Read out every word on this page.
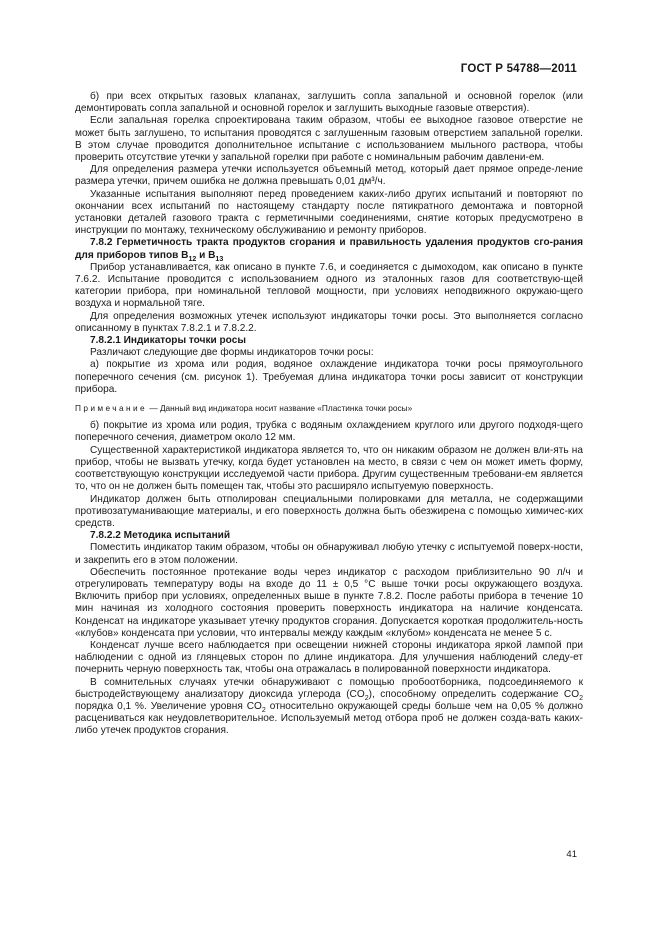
ГОСТ Р 54788—2011

б) при всех открытых газовых клапанах, заглушить сопла запальной и основной горелок (или демонтировать сопла запальной и основной горелок и заглушить выходные газовые отверстия).

Если запальная горелка спроектирована таким образом, чтобы ее выходное газовое отверстие не может быть заглушено, то испытания проводятся с заглушенным газовым отверстием запальной горелки. В этом случае проводится дополнительное испытание с использованием мыльного раствора, чтобы проверить отсутствие утечки у запальной горелки при работе с номинальным рабочим давлени-ем.

Для определения размера утечки используется объемный метод, который дает прямое опреде-ление размера утечки, причем ошибка не должна превышать 0,01 дм³/ч.

Указанные испытания выполняют перед проведением каких-либо других испытаний и повторяют по окончании всех испытаний по настоящему стандарту после пятикратного демонтажа и повторной установки деталей газового тракта с герметичными соединениями, снятие которых предусмотрено в инструкции по монтажу, техническому обслуживанию и ремонту приборов.

7.8.2 Герметичность тракта продуктов сгорания и правильность удаления продуктов сго-рания для приборов типов $B_{12}$ и $B_{13}$

Прибор устанавливается, как описано в пункте 7.6, и соединяется с дымоходом, как описано в пункте 7.6.2. Испытание проводится с использованием одного из эталонных газов для соответствую-щей категории прибора, при номинальной тепловой мощности, при условиях неподвижного окружаю-щего воздуха и нормальной тяге.

Для определения возможных утечек используют индикаторы точки росы. Это выполняется согласно описанному в пунктах 7.8.2.1 и 7.8.2.2.

7.8.2.1 Индикаторы точки росы

Различают следующие две формы индикаторов точки росы:

а) покрытие из хрома или родия, водяное охлаждение индикатора точки росы прямоугольного поперечного сечения (см. рисунок 1). Требуемая длина индикатора точки росы зависит от конструкции прибора.

Примечание — Данный вид индикатора носит название «Пластинка точки росы»

б) покрытие из хрома или родия, трубка с водяным охлаждением круглого или другого подходя-щего поперечного сечения, диаметром около 12 мм.

Существенной характеристикой индикатора является то, что он никаким образом не должен вли-ять на прибор, чтобы не вызвать утечку, когда будет установлен на место, в связи с чем он может иметь форму, соответствующую конструкции исследуемой части прибора. Другим существенным требовани-ем является то, что он не должен быть помещен так, чтобы это расширяло испытуемую поверхность.

Индикатор должен быть отполирован специальными полировками для металла, не содержащими противозатуманивающие материалы, и его поверхность должна быть обезжирена с помощью химичес-ких средств.

7.8.2.2 Методика испытаний

Поместить индикатор таким образом, чтобы он обнаруживал любую утечку с испытуемой поверх-ности, и закрепить его в этом положении.

Обеспечить постоянное протекание воды через индикатор с расходом приблизительно 90 л/ч и отрегулировать температуру воды на входе до 11 ± 0,5 °С выше точки росы окружающего воздуха. Включить прибор при условиях, определенных выше в пункте 7.8.2. После работы прибора в течение 10 мин начиная из холодного состояния проверить поверхность индикатора на наличие конденсата. Конденсат на индикаторе указывает утечку продуктов сгорания. Допускается короткая продолжитель-ность «клубов» конденсата при условии, что интервалы между каждым «клубом» конденсата не менее 5 с.

Конденсат лучше всего наблюдается при освещении нижней стороны индикатора яркой лампой при наблюдении с одной из глянцевых сторон по длине индикатора. Для улучшения наблюдений следу-ет почернить черную поверхность так, чтобы она отражалась в полированной поверхности индикатора.

В сомнительных случаях утечки обнаруживают с помощью пробоотборника, подсоединяемого к быстродействующему анализатору диоксида углерода $(CO_2)$, способному определить содержание $CO_2$ порядка 0,1 %. Увеличение уровня $CO_2$ относительно окружающей среды больше чем на 0,05 % должно расцениваться как неудовлетворительное. Используемый метод отбора проб не должен созда-вать каких-либо утечек продуктов сгорания.

41
